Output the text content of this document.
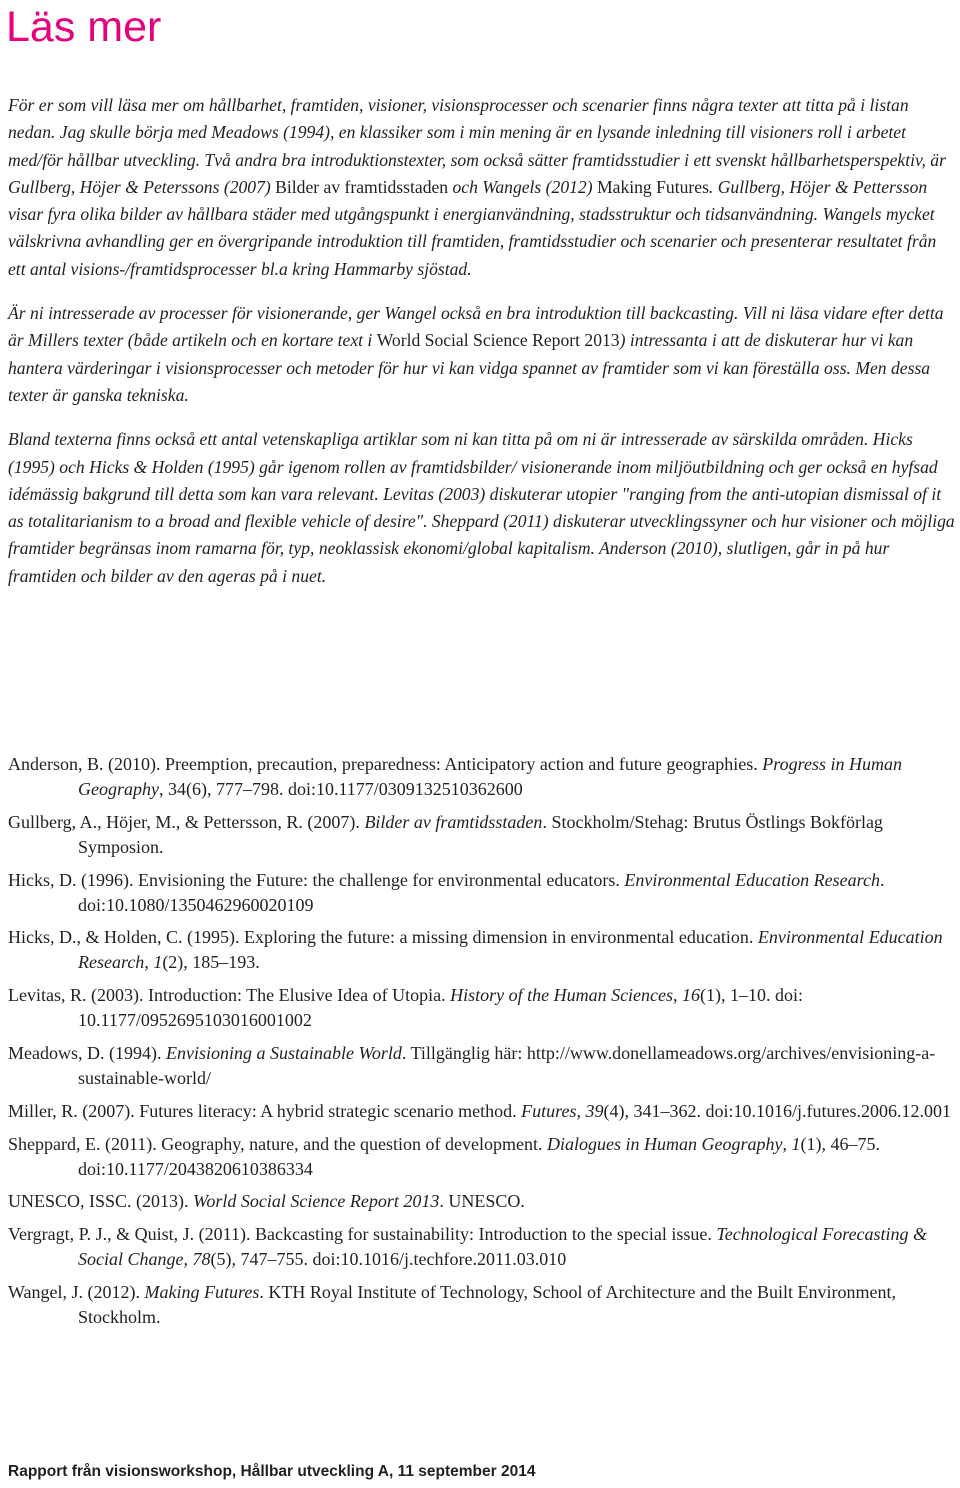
Läs mer

För er som vill läsa mer om hållbarhet, framtiden, visioner, visionsprocesser och scenarier finns några texter att titta på i listan nedan. Jag skulle börja med Meadows (1994), en klassiker som i min mening är en lysande inledning till visioners roll i arbetet med/för hållbar utveckling. Två andra bra introduktionstexter, som också sätter framtidsstudier i ett svenskt hållbarhetsperspektiv, är Gullberg, Höjer & Peterssons (2007) Bilder av framtidsstaden och Wangels (2012) Making Futures. Gullberg, Höjer & Pettersson visar fyra olika bilder av hållbara städer med utgångspunkt i energianvändning, stadsstruktur och tidsanvändning. Wangels mycket välskrivna avhandling ger en övergripande introduktion till framtiden, framtidsstudier och scenarier och presenterar resultatet från ett antal visions-/framtidsprocesser bl.a kring Hammarby sjöstad.

Är ni intresserade av processer för visionerande, ger Wangel också en bra introduktion till backcasting. Vill ni läsa vidare efter detta är Millers texter (både artikeln och en kortare text i World Social Science Report 2013) intressanta i att de diskuterar hur vi kan hantera värderingar i visionsprocesser och metoder för hur vi kan vidga spannet av framtider som vi kan föreställa oss. Men dessa texter är ganska tekniska.

Bland texterna finns också ett antal vetenskapliga artiklar som ni kan titta på om ni är intresserade av särskilda områden. Hicks (1995) och Hicks & Holden (1995) går igenom rollen av framtidsbilder/ visionerande inom miljöutbildning och ger också en hyfsad idémässig bakgrund till detta som kan vara relevant. Levitas (2003) diskuterar utopier "ranging from the anti-utopian dismissal of it as totalitarianism to a broad and flexible vehicle of desire". Sheppard (2011) diskuterar utvecklingssyner och hur visioner och möjliga framtider begränsas inom ramarna för, typ, neoklassisk ekonomi/global kapitalism. Anderson (2010), slutligen, går in på hur framtiden och bilder av den ageras på i nuet.

Anderson, B. (2010). Preemption, precaution, preparedness: Anticipatory action and future geographies. Progress in Human Geography, 34(6), 777–798. doi:10.1177/0309132510362600
Gullberg, A., Höjer, M., & Pettersson, R. (2007). Bilder av framtidsstaden. Stockholm/Stehag: Brutus Östlings Bokförlag Symposion.
Hicks, D. (1996). Envisioning the Future: the challenge for environmental educators. Environmental Education Research. doi:10.1080/1350462960020109
Hicks, D., & Holden, C. (1995). Exploring the future: a missing dimension in environmental education. Environmental Education Research, 1(2), 185–193.
Levitas, R. (2003). Introduction: The Elusive Idea of Utopia. History of the Human Sciences, 16(1), 1–10. doi: 10.1177/0952695103016001002
Meadows, D. (1994). Envisioning a Sustainable World. Tillgänglig här: http://www.donellameadows.org/archives/envisioning-a-sustainable-world/
Miller, R. (2007). Futures literacy: A hybrid strategic scenario method. Futures, 39(4), 341–362. doi:10.1016/j.futures.2006.12.001
Sheppard, E. (2011). Geography, nature, and the question of development. Dialogues in Human Geography, 1(1), 46–75. doi:10.1177/2043820610386334
UNESCO, ISSC. (2013). World Social Science Report 2013. UNESCO.
Vergragt, P. J., & Quist, J. (2011). Backcasting for sustainability: Introduction to the special issue. Technological Forecasting & Social Change, 78(5), 747–755. doi:10.1016/j.techfore.2011.03.010
Wangel, J. (2012). Making Futures. KTH Royal Institute of Technology, School of Architecture and the Built Environment, Stockholm.

Rapport från visionsworkshop, Hållbar utveckling A, 11 september 2014
